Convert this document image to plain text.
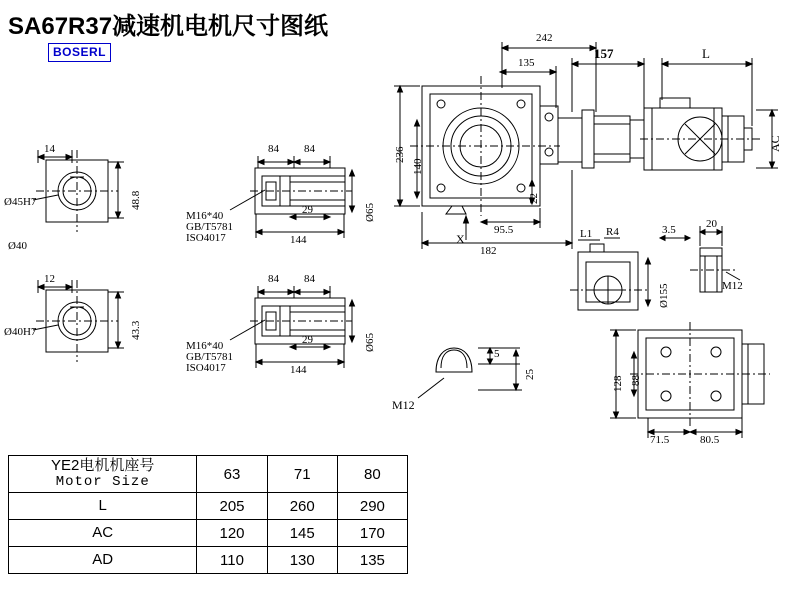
SA67R37减速机电机尺寸图纸
BOSERL
14
Ø45H7
Ø40
48.8
12
Ø40H7	43.3
84 84
29
144
Ø65
M16*40
GB/T5781
ISO4017
84 84
29
144
Ø65
M16*40
GB/T5781
ISO4017
242
135
157	L
236
140
22
AC
95.5
182
X	L1 R4	3.5	20
Ø155	M12
5
25
M12
128 88
71.5	80.5
YE2电机机座号
Motor Size	63	71	80
L	205	260	290
AC	120	145	170
AD	110	130	135
